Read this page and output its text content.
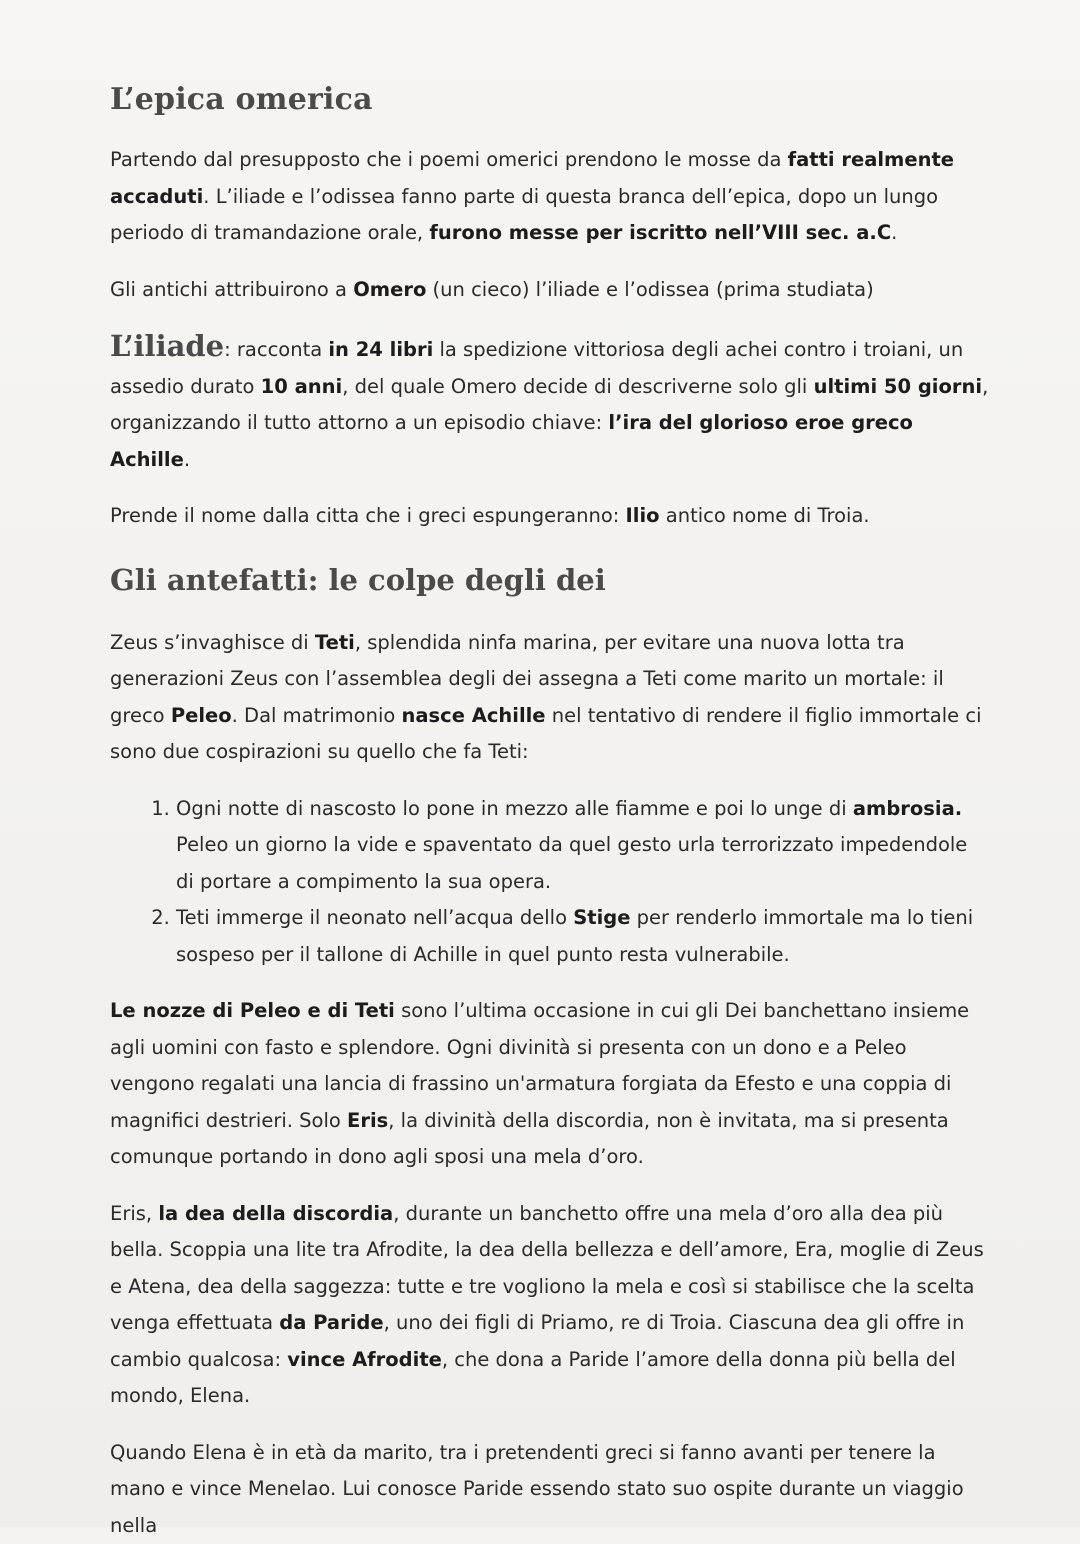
L’epica omerica

Partendo dal presupposto che i poemi omerici prendono le mosse da fatti realmente accaduti. L’iliade e l’odissea fanno parte di questa branca dell’epica, dopo un lungo periodo di tramandazione orale, furono messe per iscritto nell’VIII sec. a.C.

Gli antichi attribuirono a Omero (un cieco) l’iliade e l’odissea (prima studiata)

L’iliade: racconta in 24 libri la spedizione vittoriosa degli achei contro i troiani, un assedio durato 10 anni, del quale Omero decide di descriverne solo gli ultimi 50 giorni, organizzando il tutto attorno a un episodio chiave: l’ira del glorioso eroe greco Achille.

Prende il nome dalla citta che i greci espungeranno: Ilio antico nome di Troia.

Gli antefatti: le colpe degli dei

Zeus s’invaghisce di Teti, splendida ninfa marina, per evitare una nuova lotta tra generazioni Zeus con l’assemblea degli dei assegna a Teti come marito un mortale: il greco Peleo. Dal matrimonio nasce Achille nel tentativo di rendere il figlio immortale ci sono due cospirazioni su quello che fa Teti:

1. Ogni notte di nascosto lo pone in mezzo alle fiamme e poi lo unge di ambrosia. Peleo un giorno la vide e spaventato da quel gesto urla terrorizzato impedendole di portare a compimento la sua opera.
2. Teti immerge il neonato nell’acqua dello Stige per renderlo immortale ma lo tieni sospeso per il tallone di Achille in quel punto resta vulnerabile.

Le nozze di Peleo e di Teti sono l’ultima occasione in cui gli Dei banchettano insieme agli uomini con fasto e splendore. Ogni divinità si presenta con un dono e a Peleo vengono regalati una lancia di frassino un'armatura forgiata da Efesto e una coppia di magnifici destrieri. Solo Eris, la divinità della discordia, non è invitata, ma si presenta comunque portando in dono agli sposi una mela d’oro.

Eris, la dea della discordia, durante un banchetto offre una mela d’oro alla dea più bella. Scoppia una lite tra Afrodite, la dea della bellezza e dell’amore, Era, moglie di Zeus e Atena, dea della saggezza: tutte e tre vogliono la mela e così si stabilisce che la scelta venga effettuata da Paride, uno dei figli di Priamo, re di Troia. Ciascuna dea gli offre in cambio qualcosa: vince Afrodite, che dona a Paride l’amore della donna più bella del mondo, Elena.

Quando Elena è in età da marito, tra i pretendenti greci si fanno avanti per tenere la mano e vince Menelao. Lui conosce Paride essendo stato suo ospite durante un viaggio nella
